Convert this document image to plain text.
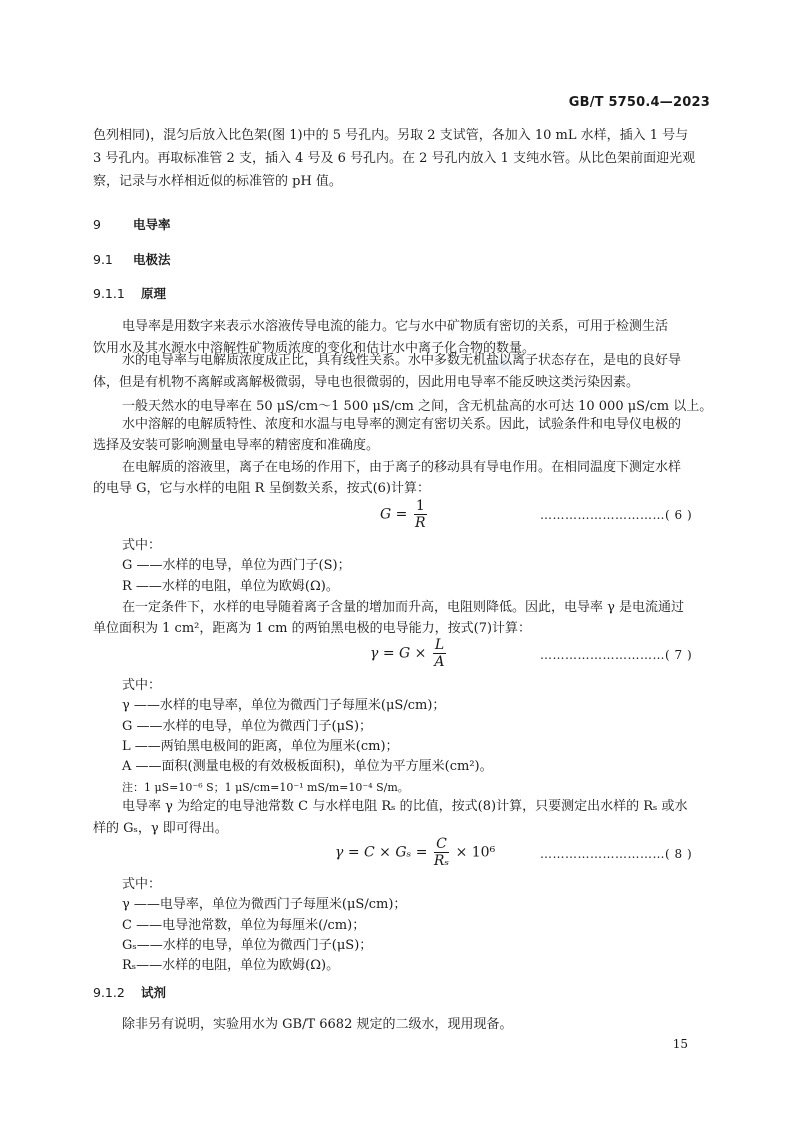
GB/T 5750.4—2023
色列相同)，混匀后放入比色架(图 1)中的 5 号孔内。另取 2 支试管，各加入 10 mL 水样，插入 1 号与
3 号孔内。再取标准管 2 支，插入 4 号及 6 号孔内。在 2 号孔内放入 1 支纯水管。从比色架前面迎光观
察，记录与水样相近似的标准管的 pH 值。
9	电导率
9.1 电极法
9.1.1 原理
电导率是用数字来表示水溶液传导电流的能力。它与水中矿物质有密切的关系，可用于检测生活
饮用水及其水源水中溶解性矿物质浓度的变化和估计水中离子化合物的数量。
水的电导率与电解质浓度成正比，具有线性关系。水中多数无机盐以离子状态存在，是电的良好导
体，但是有机物不离解或离解极微弱，导电也很微弱的，因此用电导率不能反映这类污染因素。
一般天然水的电导率在 50 μS/cm～1 500 μS/cm 之间，含无机盐高的水可达 10 000 μS/cm 以上。
水中溶解的电解质特性、浓度和水温与电导率的测定有密切关系。因此，试验条件和电导仪电极的
选择及安装可影响测量电导率的精密度和准确度。
在电解质的溶液里，离子在电场的作用下，由于离子的移动具有导电作用。在相同温度下测定水样
的电导 G，它与水样的电阻 R 呈倒数关系，按式(6)计算：
$G = \frac{1}{R}$	…………………………( 6 )
式中：
G ——水样的电导，单位为西门子(S)；
R ——水样的电阻，单位为欧姆(Ω)。
在一定条件下，水样的电导随着离子含量的增加而升高，电阻则降低。因此，电导率 γ 是电流通过
单位面积为 1 cm²，距离为 1 cm 的两铂黑电极的电导能力，按式(7)计算：
$\gamma = G \times \frac{L}{A}$	…………………………( 7 )
式中：
γ ——水样的电导率，单位为微西门子每厘米(μS/cm)；
G ——水样的电导，单位为微西门子(μS)；
L ——两铂黑电极间的距离，单位为厘米(cm)；
A ——面积(测量电极的有效极板面积)，单位为平方厘米(cm²)。
注：1 μS=10⁻⁶ S；1 μS/cm=10⁻¹ mS/m=10⁻⁴ S/m。
电导率 γ 为给定的电导池常数 C 与水样电阻 Rₛ 的比值，按式(8)计算，只要测定出水样的 Rₛ 或水
样的 Gₛ，γ 即可得出。
$\gamma = C \times G_s = \frac{C}{\text{Rₛ}} \times 10^6$	…………………………( 8 )
式中：
γ ——电导率，单位为微西门子每厘米(μS/cm)；
C ——电导池常数，单位为每厘米(/cm)；
Gₛ——水样的电导，单位为微西门子(μS)；
Rₛ——水样的电阻，单位为欧姆(Ω)。
9.1.2 试剂
除非另有说明，实验用水为 GB/T 6682 规定的二级水，现用现备。
15
